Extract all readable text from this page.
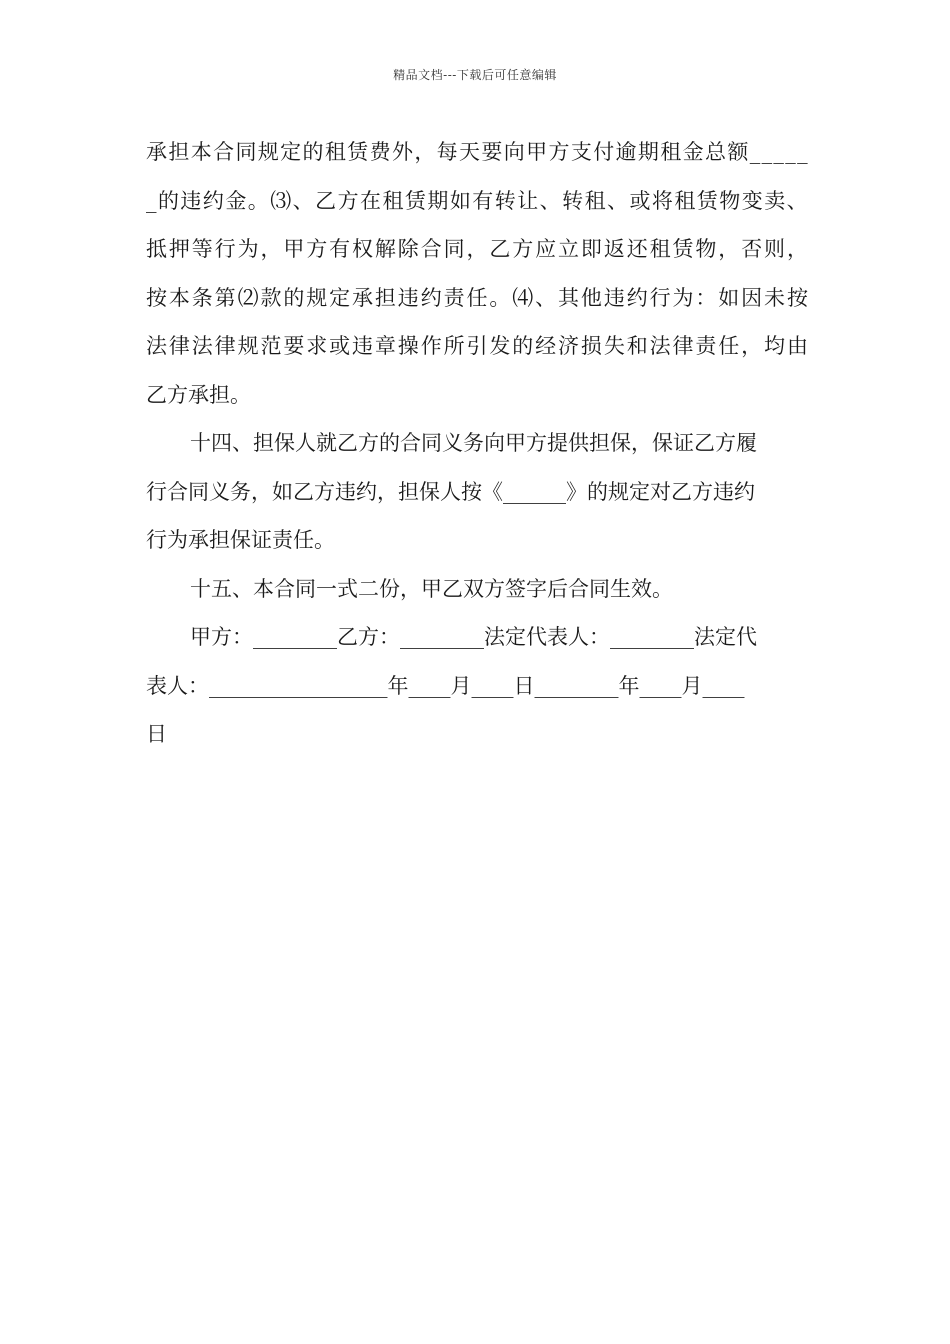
精品文档---下载后可任意编辑
承 担 本 合 同 规 定 的 租 赁 费 外 ， 每 天 要 向 甲 方 支 付 逾 期 租 金 总 额 _ _ _ _ _
_ 的 违 约 金 。 ⑶ 、 乙 方 在 租 赁 期 如 有 转 让 、 转 租 、 或 将 租 赁 物 变 卖 、
抵 押 等 行 为 ， 甲 方 有 权 解 除 合 同 ， 乙 方 应 立 即 返 还 租 赁 物 ， 否 则 ，
按 本 条 第 ⑵ 款 的 规 定 承 担 违 约 责 任 。 ⑷ 、 其 他 违 约 行 为 ： 如 因 未 按
法 律 法 律 规 范 要 求 或 违 章 操 作 所 引 发 的 经 济 损 失 和 法 律 责 任 ， 均 由
乙方承担。
十四、担保人就乙方的合同义务向甲方提供担保，保证乙方履
行合同义务，如乙方违约，担保人按《______》的规定对乙方违约
行为承担保证责任。
十五、本合同一式二份，甲乙双方签字后合同生效。
甲方：________乙方：________法定代表人：________法定代
表人：_________________年____月____日________年____月____
日
